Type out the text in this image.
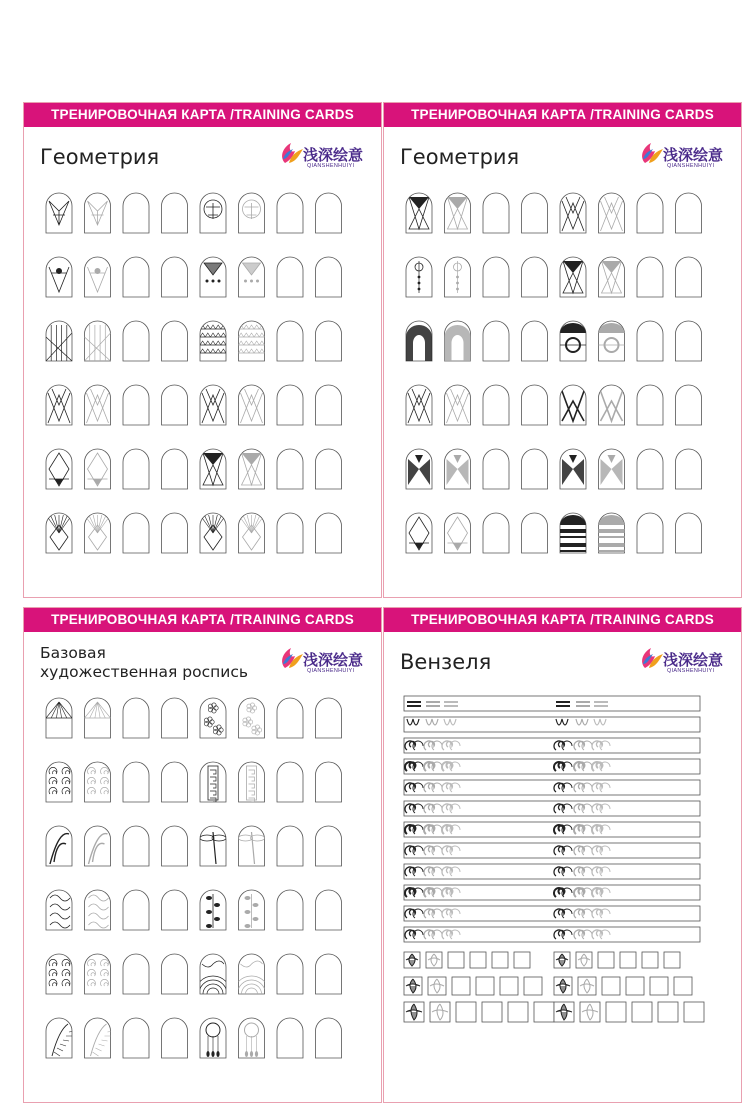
ТРЕНИРОВОЧНАЯ КАРТА /TRAINING CARDS
Геометрия	浅深绘意
QIANSHENHUIYI
ТРЕНИРОВОЧНАЯ КАРТА /TRAINING CARDS
Геометрия	浅深绘意
QIANSHENHUIYI
ТРЕНИРОВОЧНАЯ КАРТА /TRAINING CARDS
Базовая
художественная роспись
浅深绘意
QIANSHENHUIYI
ТРЕНИРОВОЧНАЯ КАРТА /TRAINING CARDS
Вензеля	浅深绘意
QIANSHENHUIYI
